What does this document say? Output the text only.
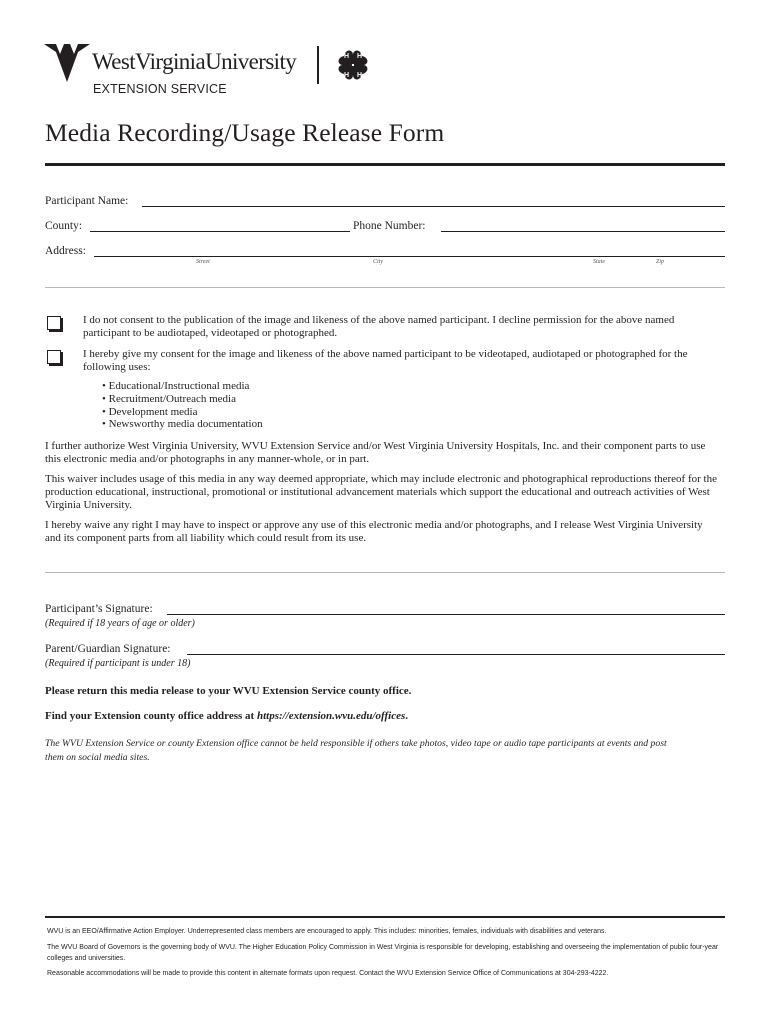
WestVirginiaUniversity
EXTENSION SERVICE
H H
H H
Media Recording/Usage Release Form
Participant Name:
County:	Phone Number:
Address:
Street	City	State	Zip
I do not consent to the publication of the image and likeness of the above named participant. I decline permission for the above named participant to be audiotaped, videotaped or photographed.
I hereby give my consent for the image and likeness of the above named participant to be videotaped, audiotaped or photographed for the following uses:
• Educational/Instructional media
• Recruitment/Outreach media
• Development media
• Newsworthy media documentation
I further authorize West Virginia University, WVU Extension Service and/or West Virginia University Hospitals, Inc. and their component parts to use this electronic media and/or photographs in any manner-whole, or in part.
This waiver includes usage of this media in any way deemed appropriate, which may include electronic and photographical reproductions thereof for the production educational, instructional, promotional or institutional advancement materials which support the educational and outreach activities of West Virginia University.
I hereby waive any right I may have to inspect or approve any use of this electronic media and/or photographs, and I release West Virginia University and its component parts from all liability which could result from its use.
Participant’s Signature:
(Required if 18 years of age or older)
Parent/Guardian Signature:
(Required if participant is under 18)
Please return this media release to your WVU Extension Service county office.
Find your Extension county office address at https://extension.wvu.edu/offices.
The WVU Extension Service or county Extension office cannot be held responsible if others take photos, video tape or audio tape participants at events and post them on social media sites.
WVU is an EEO/Affirmative Action Employer. Underrepresented class members are encouraged to apply. This includes: minorities, females, individuals with disabilities and veterans.
The WVU Board of Governors is the governing body of WVU. The Higher Education Policy Commission in West Virginia is responsible for developing, establishing and overseeing the implementation of public four-year colleges and universities.
Reasonable accommodations will be made to provide this content in alternate formats upon request. Contact the WVU Extension Service Office of Communications at 304-293-4222.
